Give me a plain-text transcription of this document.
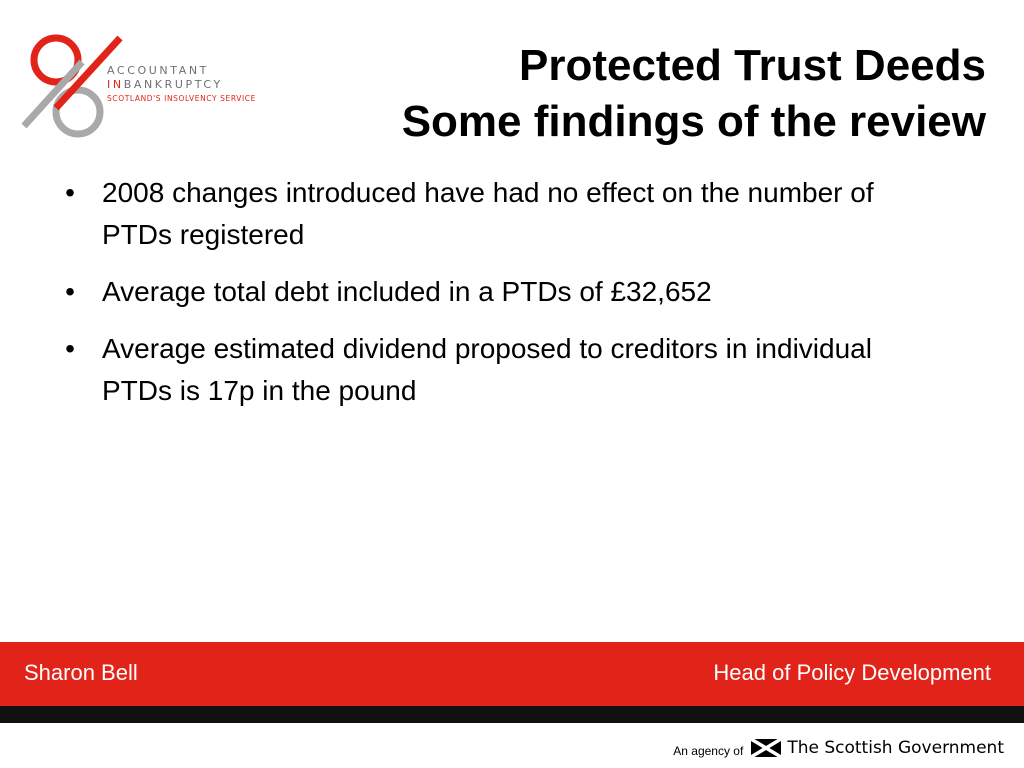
ACCOUNTANT
INBANKRUPTCY
SCOTLAND'S INSOLVENCY SERVICE
Protected Trust Deeds
Some findings of the review
• 2008 changes introduced have had no effect on the number of PTDs registered
• Average total debt included in a PTDs of £32,652
• Average estimated dividend proposed to creditors in individual PTDs is 17p in the pound
Sharon Bell	Head of Policy Development
An agency of	The Scottish Government
